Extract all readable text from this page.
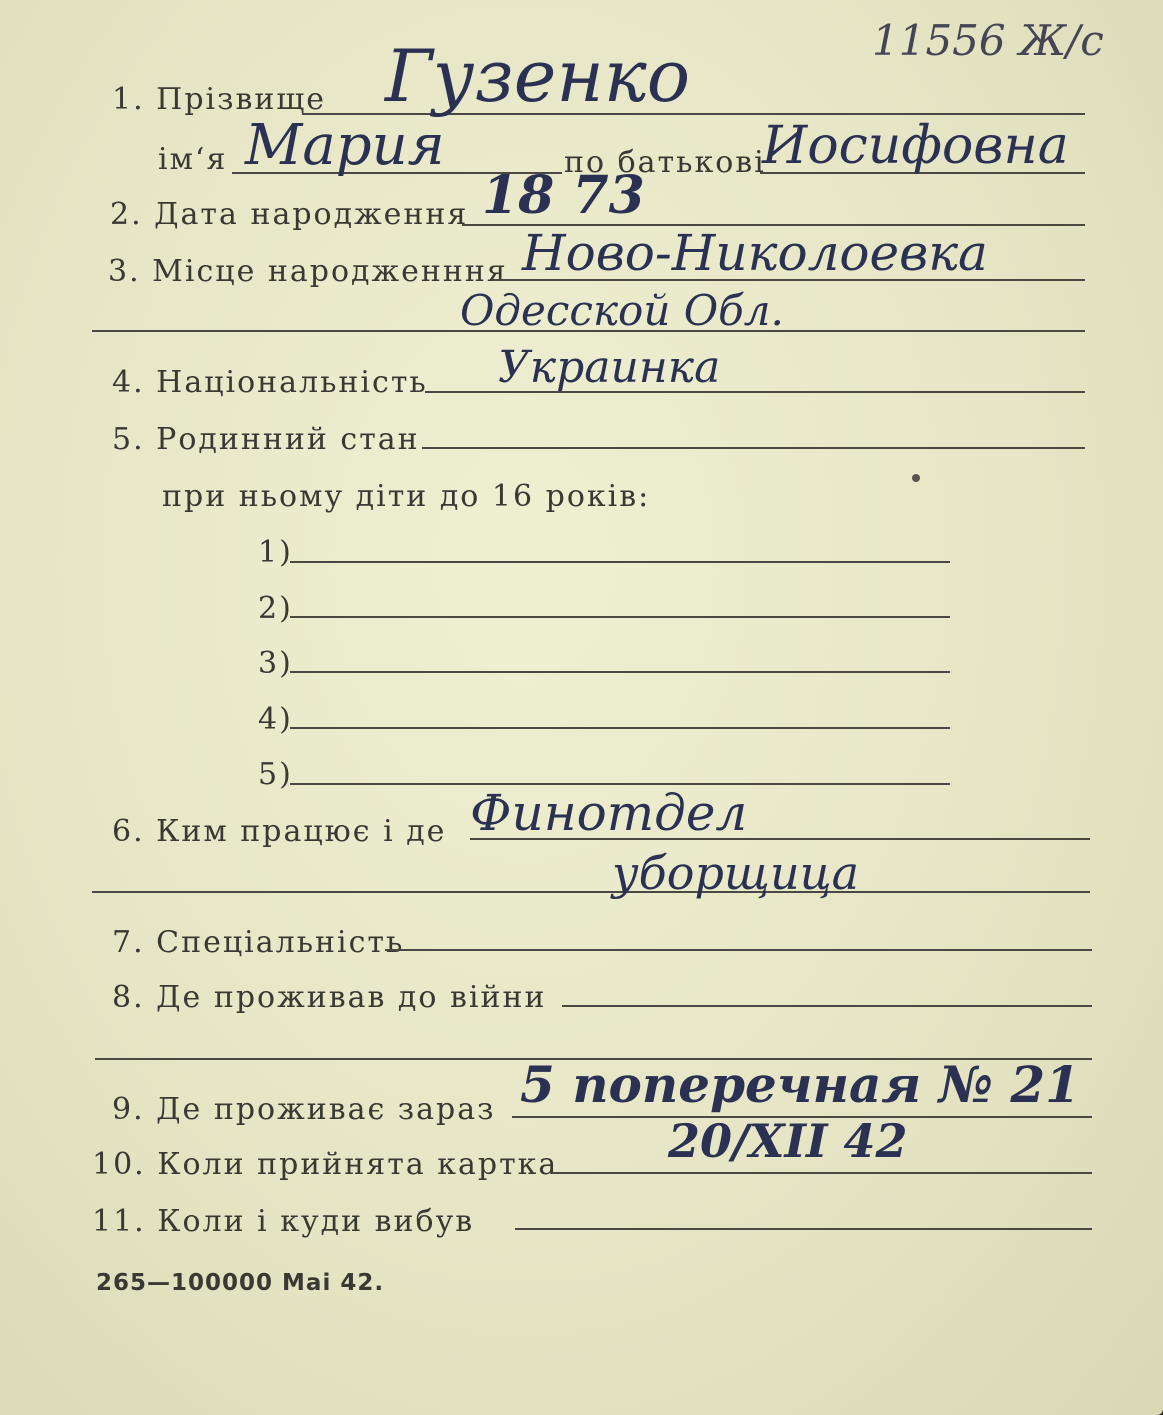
11556 Ж/с
1. Прізвище Гузенко
ім‘я Мария	по батькові
Иосифовна
2. Дата народження 18 73
3. Місце народженння Ново-Николоевка
Одесской Обл.
4. Національність Украинка
5. Родинний стан
при ньому діти до 16 років:
1)
2)
3)
4)
5)
6. Ким працює і де Финотдел
уборщица
7. Спеціальність
8. Де проживав до війни
9. Де проживає зараз 5 поперечная № 21
10. Коли прийнята картка 20/XII 42
11. Коли і куди вибув
265—100000 Маі 42.
